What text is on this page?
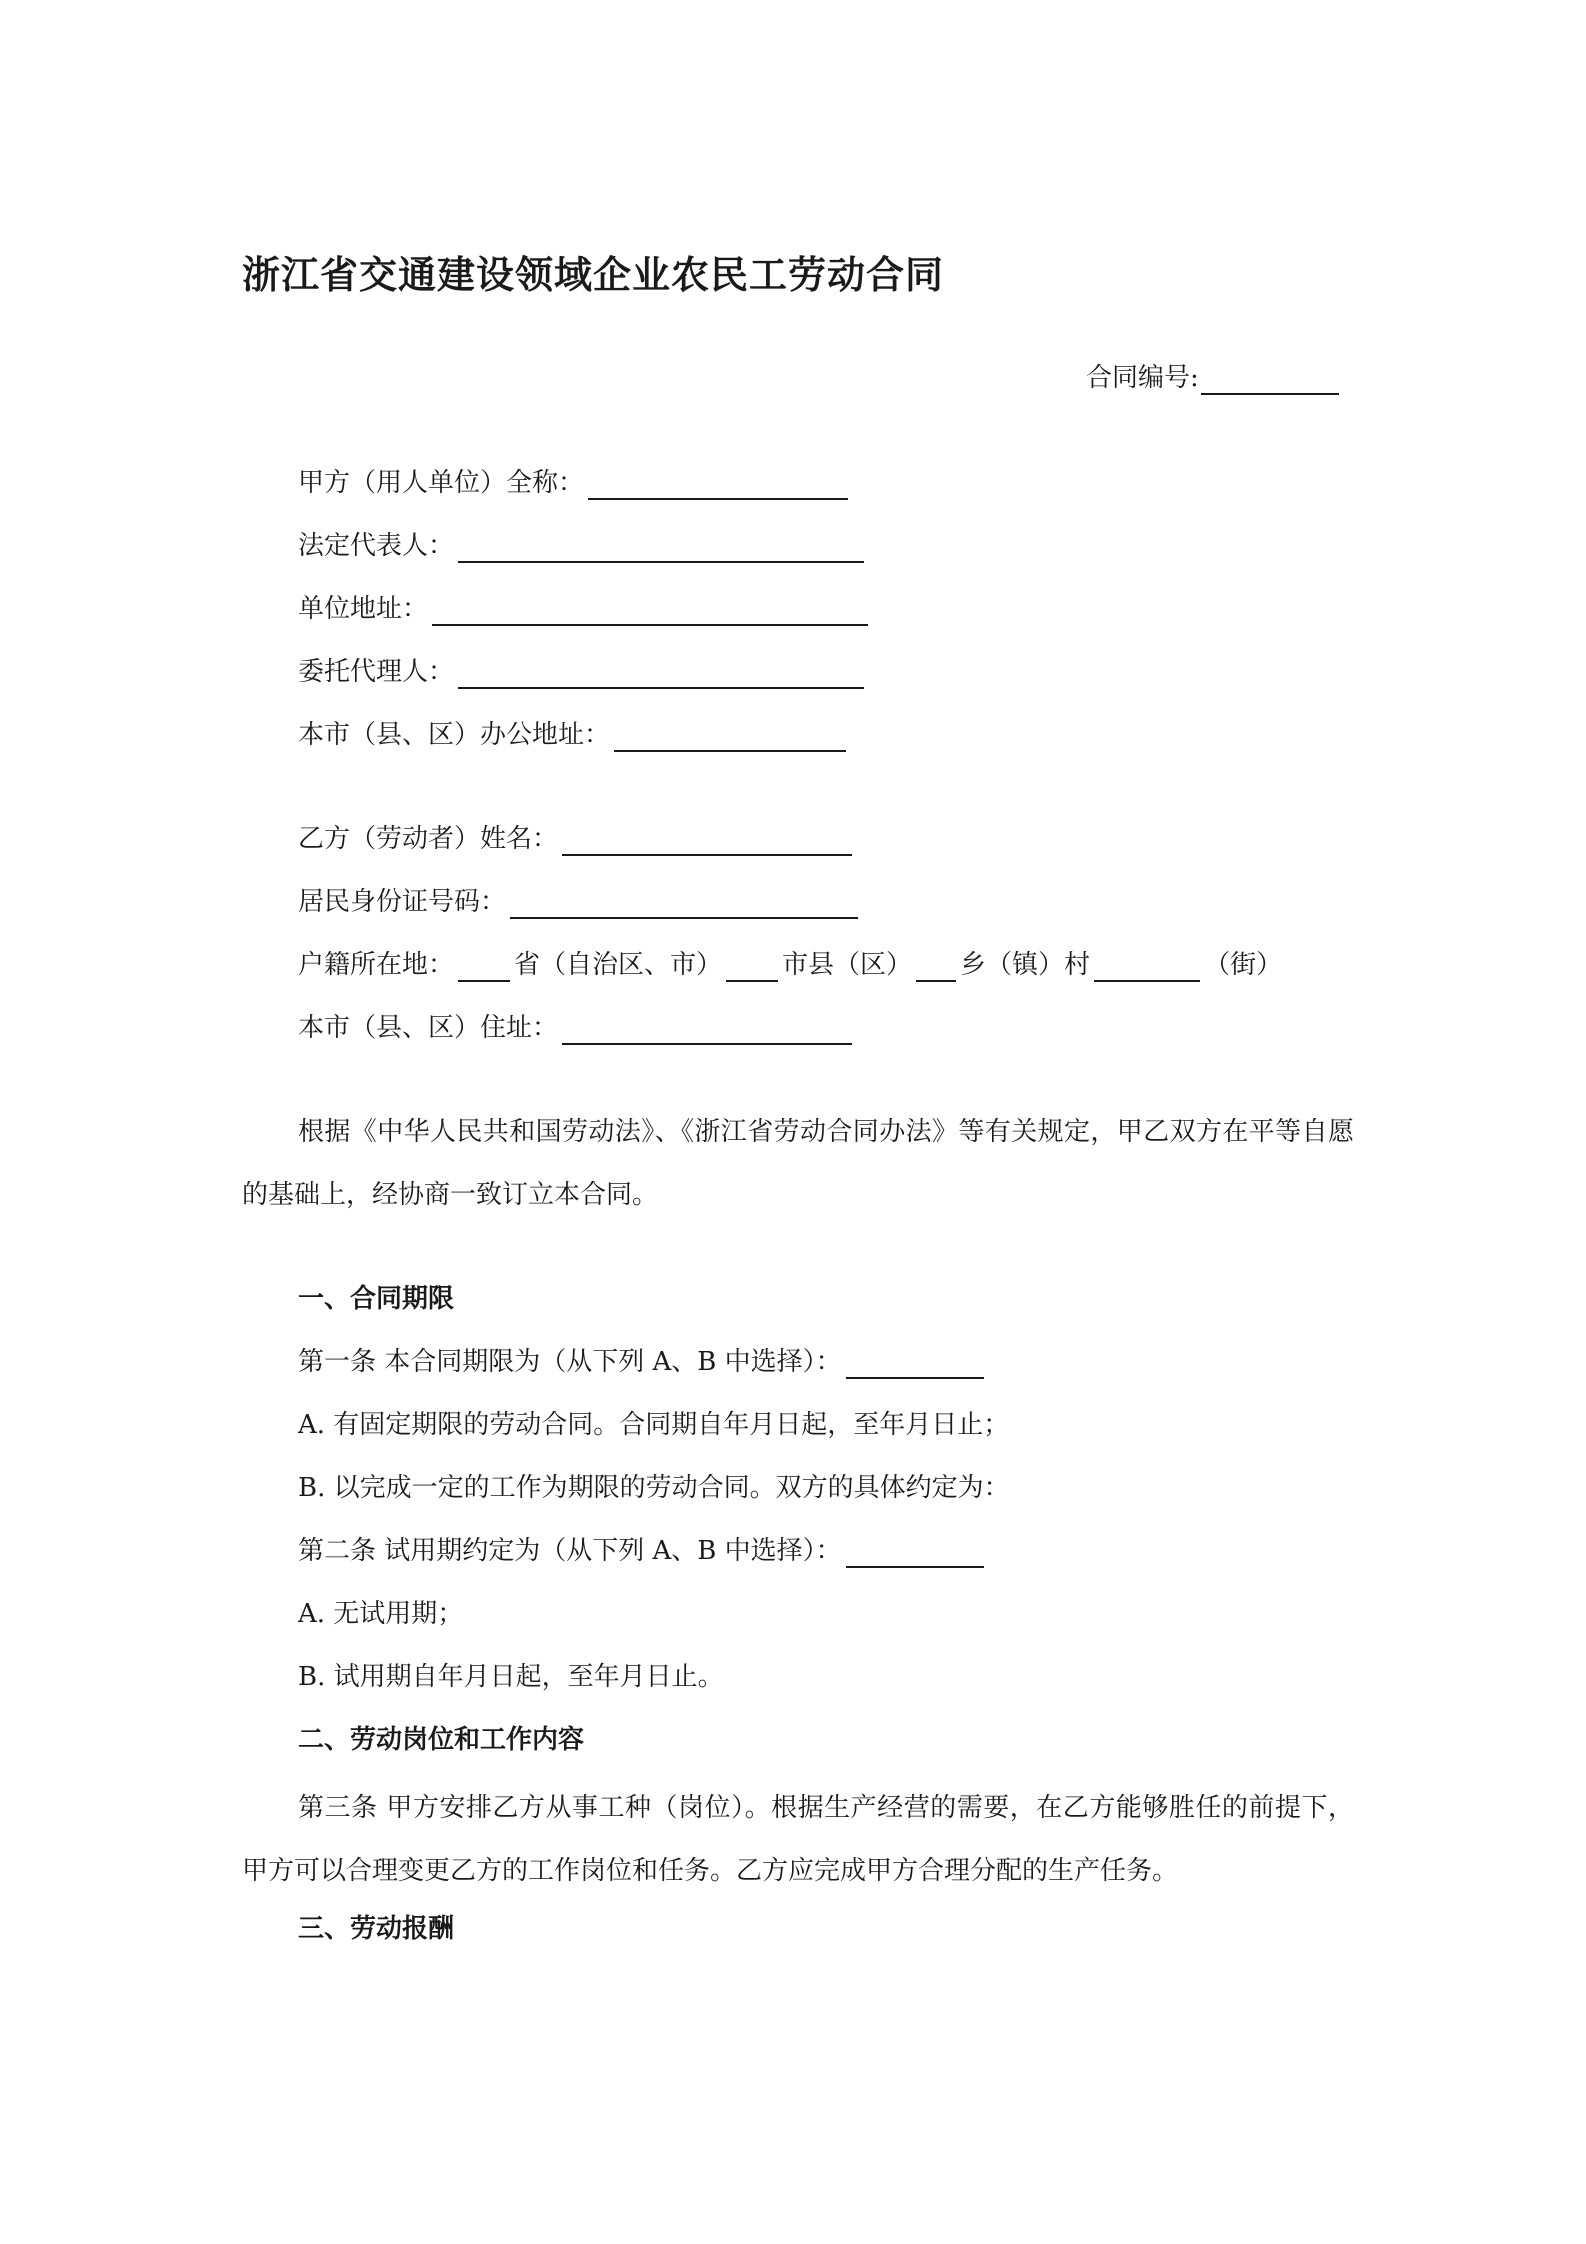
浙江省交通建设领域企业农民工劳动合同
合同编号:
甲方（用人单位）全称：
法定代表人：
单位地址：
委托代理人：
本市（县、区）办公地址：
乙方（劳动者）姓名：
居民身份证号码：
户籍所在地： 省（自治区、市） 市县（区） 乡（镇）村	（街）
本市（县、区）住址：
根据《中华人民共和国劳动法》、《浙江省劳动合同办法》等有关规定，甲乙双方在平等自愿的基础上，经协商一致订立本合同。
一、合同期限
第一条 本合同期限为（从下列 A、B 中选择）：
A. 有固定期限的劳动合同。合同期自年月日起，至年月日止；
B. 以完成一定的工作为期限的劳动合同。双方的具体约定为：
第二条 试用期约定为（从下列 A、B 中选择）：
A. 无试用期；
B. 试用期自年月日起，至年月日止。
二、劳动岗位和工作内容
第三条 甲方安排乙方从事工种（岗位）。根据生产经营的需要，在乙方能够胜任的前提下，甲方可以合理变更乙方的工作岗位和任务。乙方应完成甲方合理分配的生产任务。
三、劳动报酬
